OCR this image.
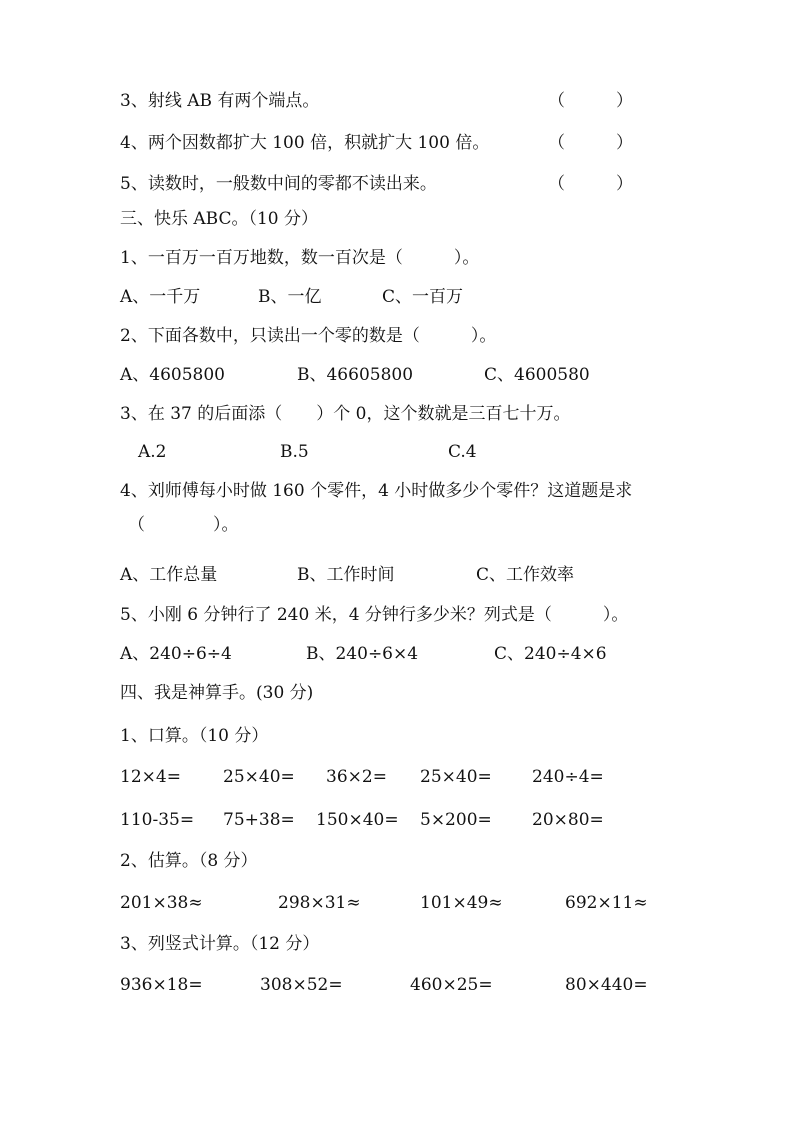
3、射线 AB 有两个端点。	（　　　）
4、两个因数都扩大 100 倍，积就扩大 100 倍。	（　　　）
5、读数时，一般数中间的零都不读出来。	（　　　）
三、快乐 ABC。（10 分）
1、一百万一百万地数，数一百次是（　　　）。
A、一千万	B、一亿	C、一百万
2、下面各数中，只读出一个零的数是（　　　）。
A、4605800	B、46605800	C、4600580
3、在 37 的后面添（　　）个 0，这个数就是三百七十万。
A.2	B.5	C.4
4、刘师傅每小时做 160 个零件，4 小时做多少个零件？这道题是求
（　　　　）。
A、工作总量	B、工作时间	C、工作效率
5、小刚 6 分钟行了 240 米，4 分钟行多少米？列式是（　　　）。
A、240÷6÷4	B、240÷6×4	C、240÷4×6
四、我是神算手。(30 分)
1、口算。（10 分）
12×4= 25×40= 36×2= 25×40= 240÷4=
110-35= 75+38= 150×40= 5×200= 20×80=
2、估算。（8 分）
201×38≈	298×31≈	101×49≈	692×11≈
3、列竖式计算。（12 分）
936×18=	308×52=	460×25=	80×440=
